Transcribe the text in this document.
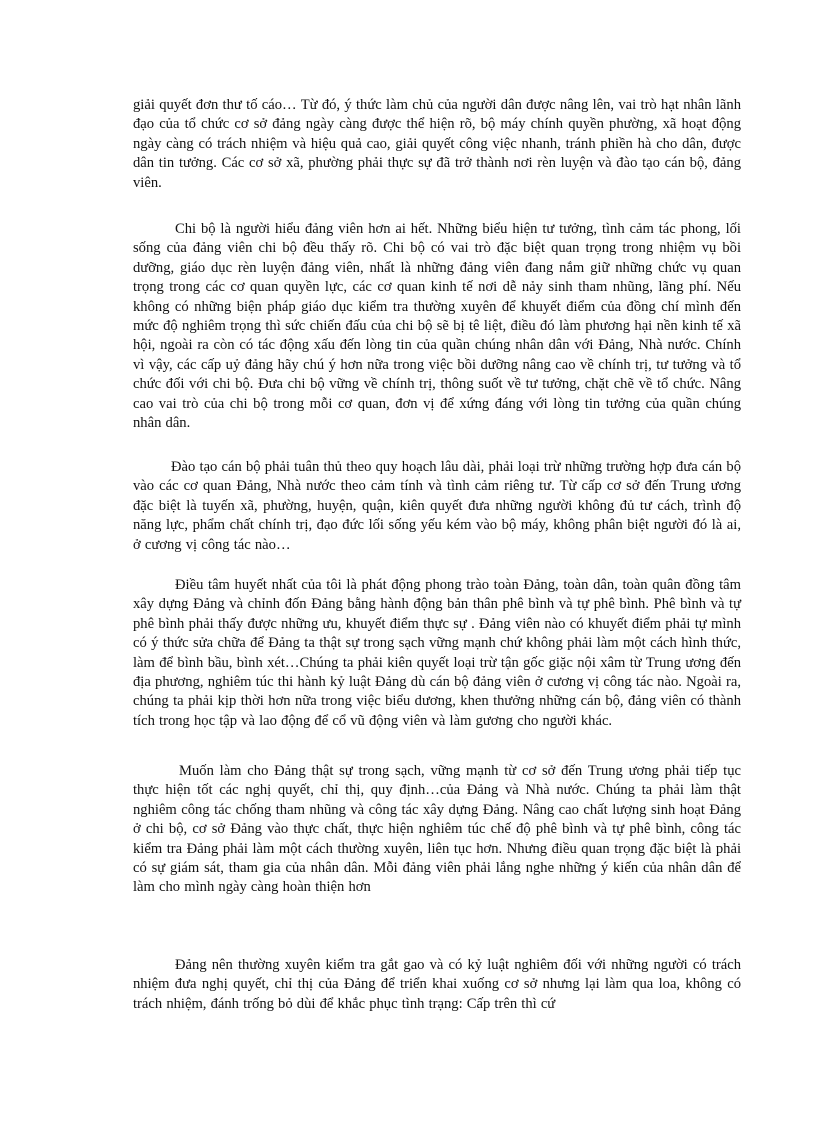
giải quyết đơn thư tố cáo… Từ đó, ý thức làm chủ của người dân được nâng lên, vai trò hạt nhân lãnh đạo của tổ chức cơ sở đảng ngày càng được thể hiện rõ, bộ máy chính quyền phường, xã hoạt động ngày càng có trách nhiệm và hiệu quả cao, giải quyết công việc nhanh, tránh phiền hà cho dân, được dân tin tưởng. Các cơ sở xã, phường phải thực sự đã trở thành nơi rèn luyện và đào tạo cán bộ, đảng viên.

Chi bộ là người hiểu đảng viên hơn ai hết. Những biểu hiện tư tưởng, tình cảm tác phong, lối sống của đảng viên chi bộ đều thấy rõ. Chi bộ có vai trò đặc biệt quan trọng trong nhiệm vụ bồi dưỡng, giáo dục rèn luyện đảng viên, nhất là những đảng viên đang nắm giữ những chức vụ quan trọng trong các cơ quan quyền lực, các cơ quan kinh tế nơi dễ nảy sinh tham nhũng, lãng phí. Nếu không có những biện pháp giáo dục kiểm tra thường xuyên để khuyết điểm của đồng chí mình đến mức độ nghiêm trọng thì sức chiến đấu của chi bộ sẽ bị tê liệt, điều đó làm phương hại nền kinh tế xã hội, ngoài ra còn có tác động xấu đến lòng tin của quần chúng nhân dân với Đảng, Nhà nước. Chính vì vậy, các cấp uỷ đảng hãy chú ý hơn nữa trong việc bồi dưỡng nâng cao về chính trị, tư tưởng và tổ chức đối với chi bộ. Đưa chi bộ vững về chính trị, thông suốt về tư tưởng, chặt chẽ về tổ chức. Nâng cao vai trò của chi bộ trong mỗi cơ quan, đơn vị để xứng đáng với lòng tin tưởng của quần chúng nhân dân.

Đào tạo cán bộ phải tuân thủ theo quy hoạch lâu dài, phải loại trừ những trường hợp đưa cán bộ vào các cơ quan Đảng, Nhà nước theo cảm tính và tình cảm riêng tư. Từ cấp cơ sở đến Trung ương đặc biệt là tuyến xã, phường, huyện, quận, kiên quyết đưa những người không đủ tư cách, trình độ năng lực, phẩm chất chính trị, đạo đức lối sống yếu kém vào bộ máy, không phân biệt người đó là ai, ở cương vị công tác nào…

Điều tâm huyết nhất của tôi là phát động phong trào toàn Đảng, toàn dân, toàn quân đồng tâm xây dựng Đảng và chỉnh đốn Đảng bằng hành động bản thân phê bình và tự phê bình. Phê bình và tự phê bình phải thấy được những ưu, khuyết điểm thực sự . Đảng viên nào có khuyết điểm phải tự mình có ý thức sửa chữa để Đảng ta thật sự trong sạch vững mạnh chứ không phải làm một cách hình thức, làm để bình bầu, bình xét…Chúng ta phải kiên quyết loại trừ tận gốc giặc nội xâm từ Trung ương đến địa phương, nghiêm túc thi hành kỷ luật Đảng dù cán bộ đảng viên ở cương vị công tác nào. Ngoài ra, chúng ta phải kịp thời hơn nữa trong việc biểu dương, khen thưởng những cán bộ, đảng viên có thành tích trong học tập và lao động để cổ vũ động viên và làm gương cho người khác.

Muốn làm cho Đảng thật sự trong sạch, vững mạnh từ cơ sở đến Trung ương phải tiếp tục thực hiện tốt các nghị quyết, chỉ thị, quy định…của Đảng và Nhà nước. Chúng ta phải làm thật nghiêm công tác chống tham nhũng và công tác xây dựng Đảng. Nâng cao chất lượng sinh hoạt Đảng ở chi bộ, cơ sở Đảng vào thực chất, thực hiện nghiêm túc chế độ phê bình và tự phê bình, công tác kiểm tra Đảng phải làm một cách thường xuyên, liên tục hơn. Nhưng điều quan trọng đặc biệt là phải có sự giám sát, tham gia của nhân dân. Mỗi đảng viên phải lắng nghe những ý kiến của nhân dân để làm cho mình ngày càng hoàn thiện hơn

Đảng nên thường xuyên kiểm tra gắt gao và có kỷ luật nghiêm đối với những người có trách nhiệm đưa nghị quyết, chỉ thị của Đảng để triển khai xuống cơ sở nhưng lại làm qua loa, không có trách nhiệm, đánh trống bỏ dùi để khắc phục tình trạng: Cấp trên thì cứ
